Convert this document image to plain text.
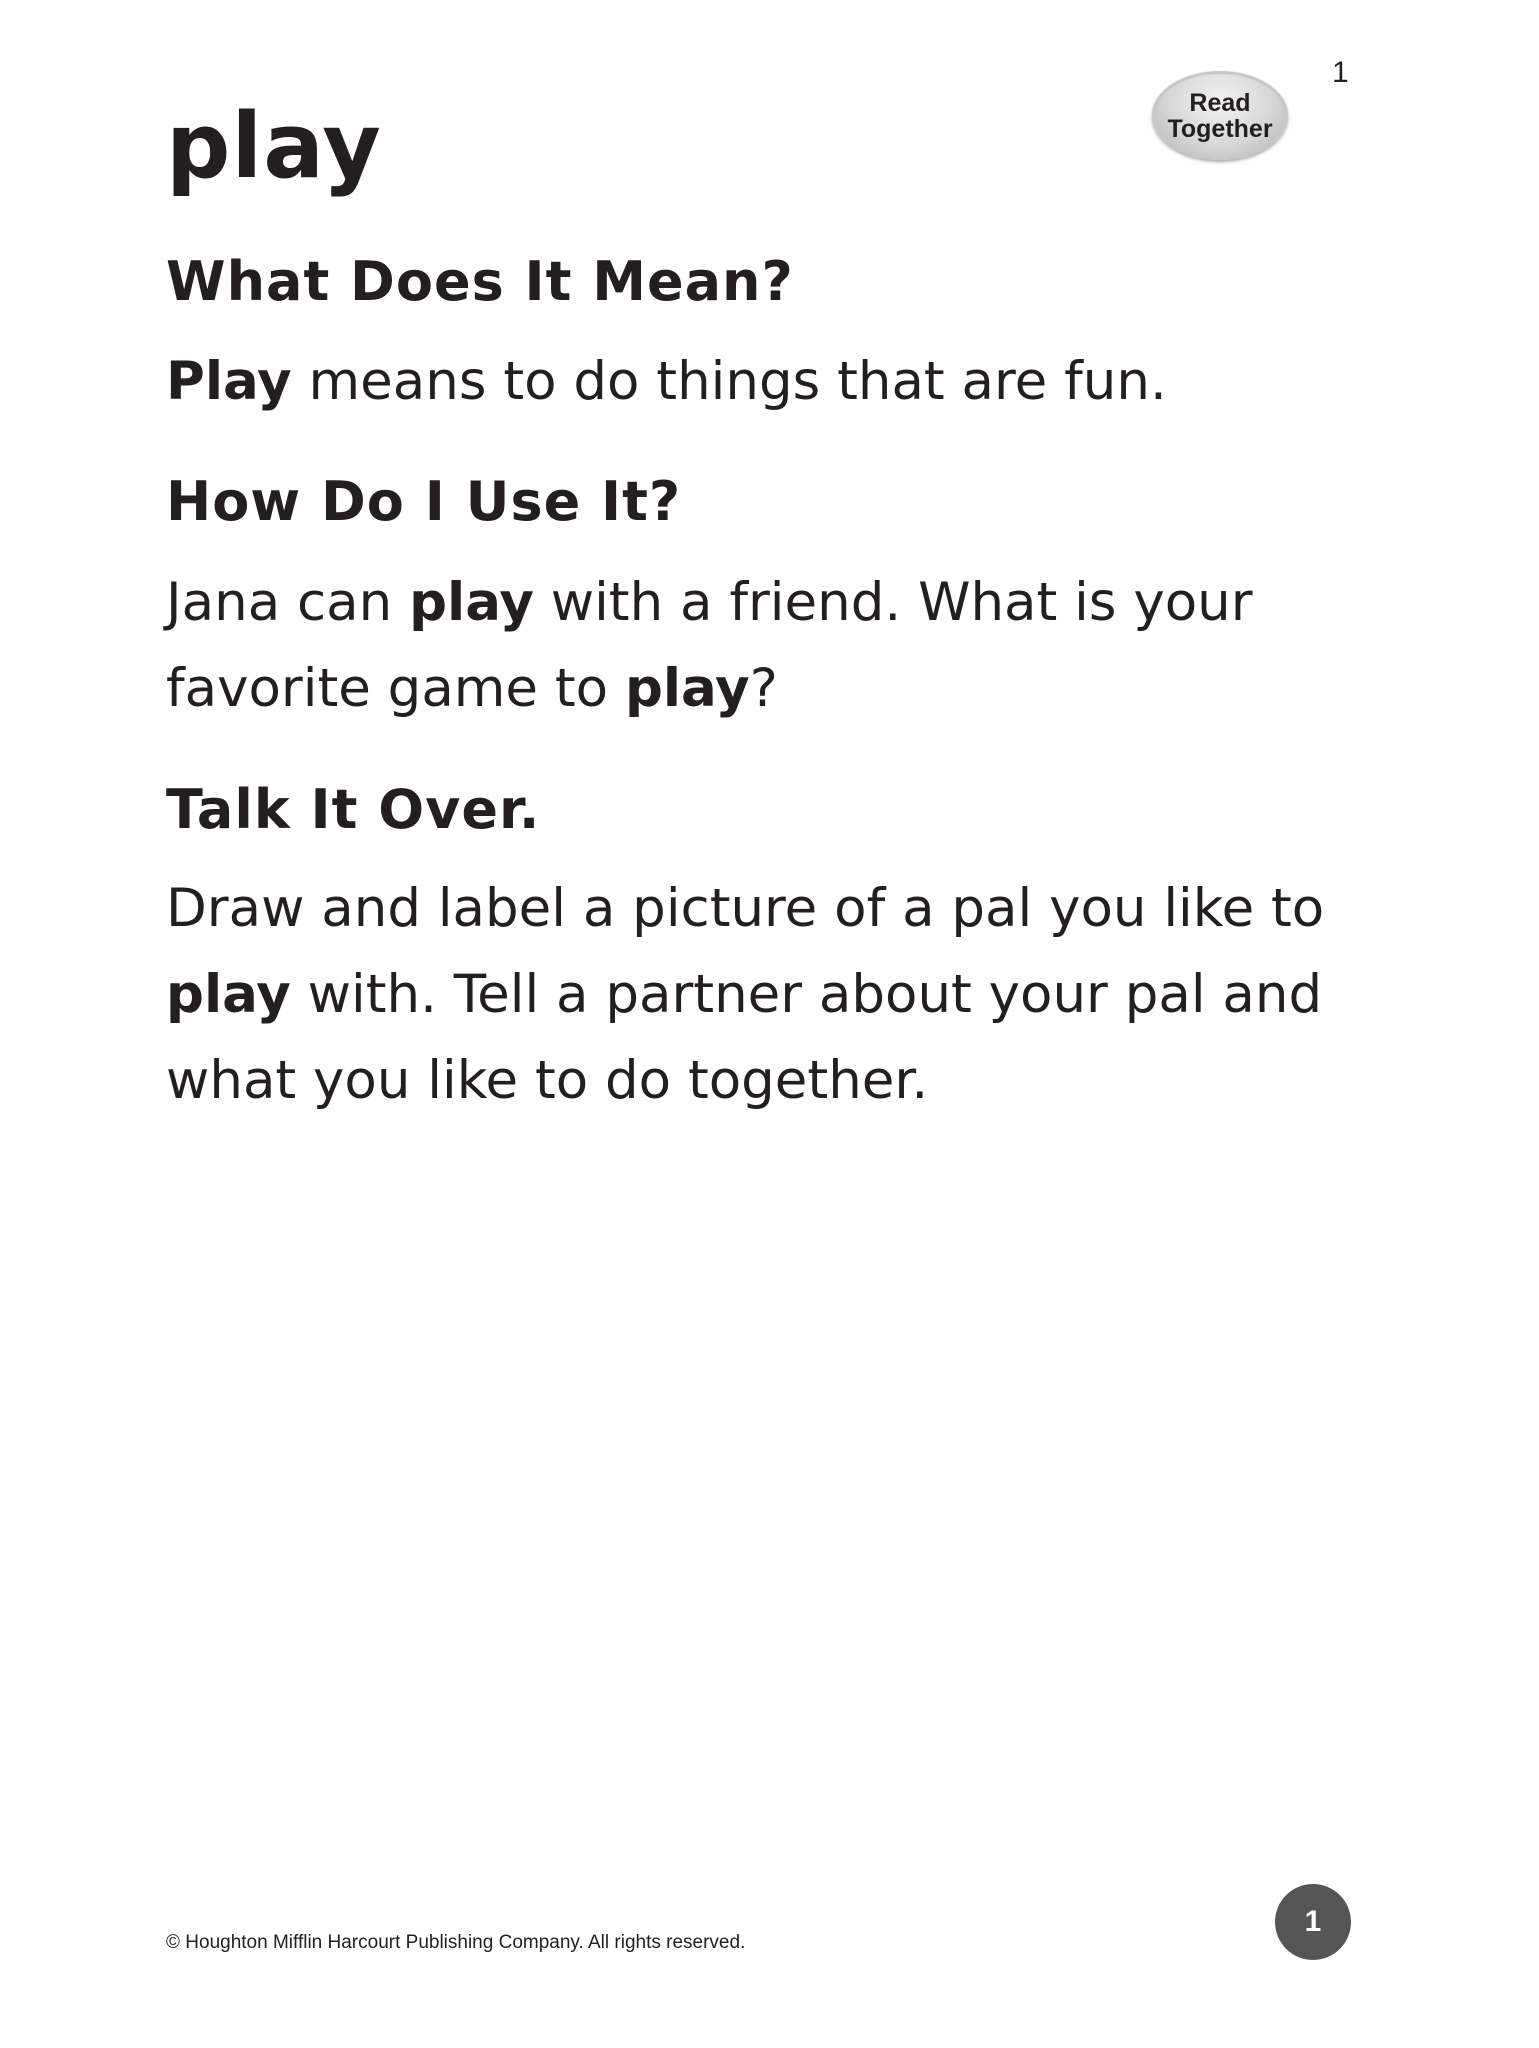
1
Read
Together
play
What Does It Mean?

Play means to do things that are fun.

How Do I Use It?

Jana can play with a friend. What is your favorite game to play?

Talk It Over.

Draw and label a picture of a pal you like to play with. Tell a partner about your pal and what you like to do together.

© Houghton Mifflin Harcourt Publishing Company. All rights reserved.
1
